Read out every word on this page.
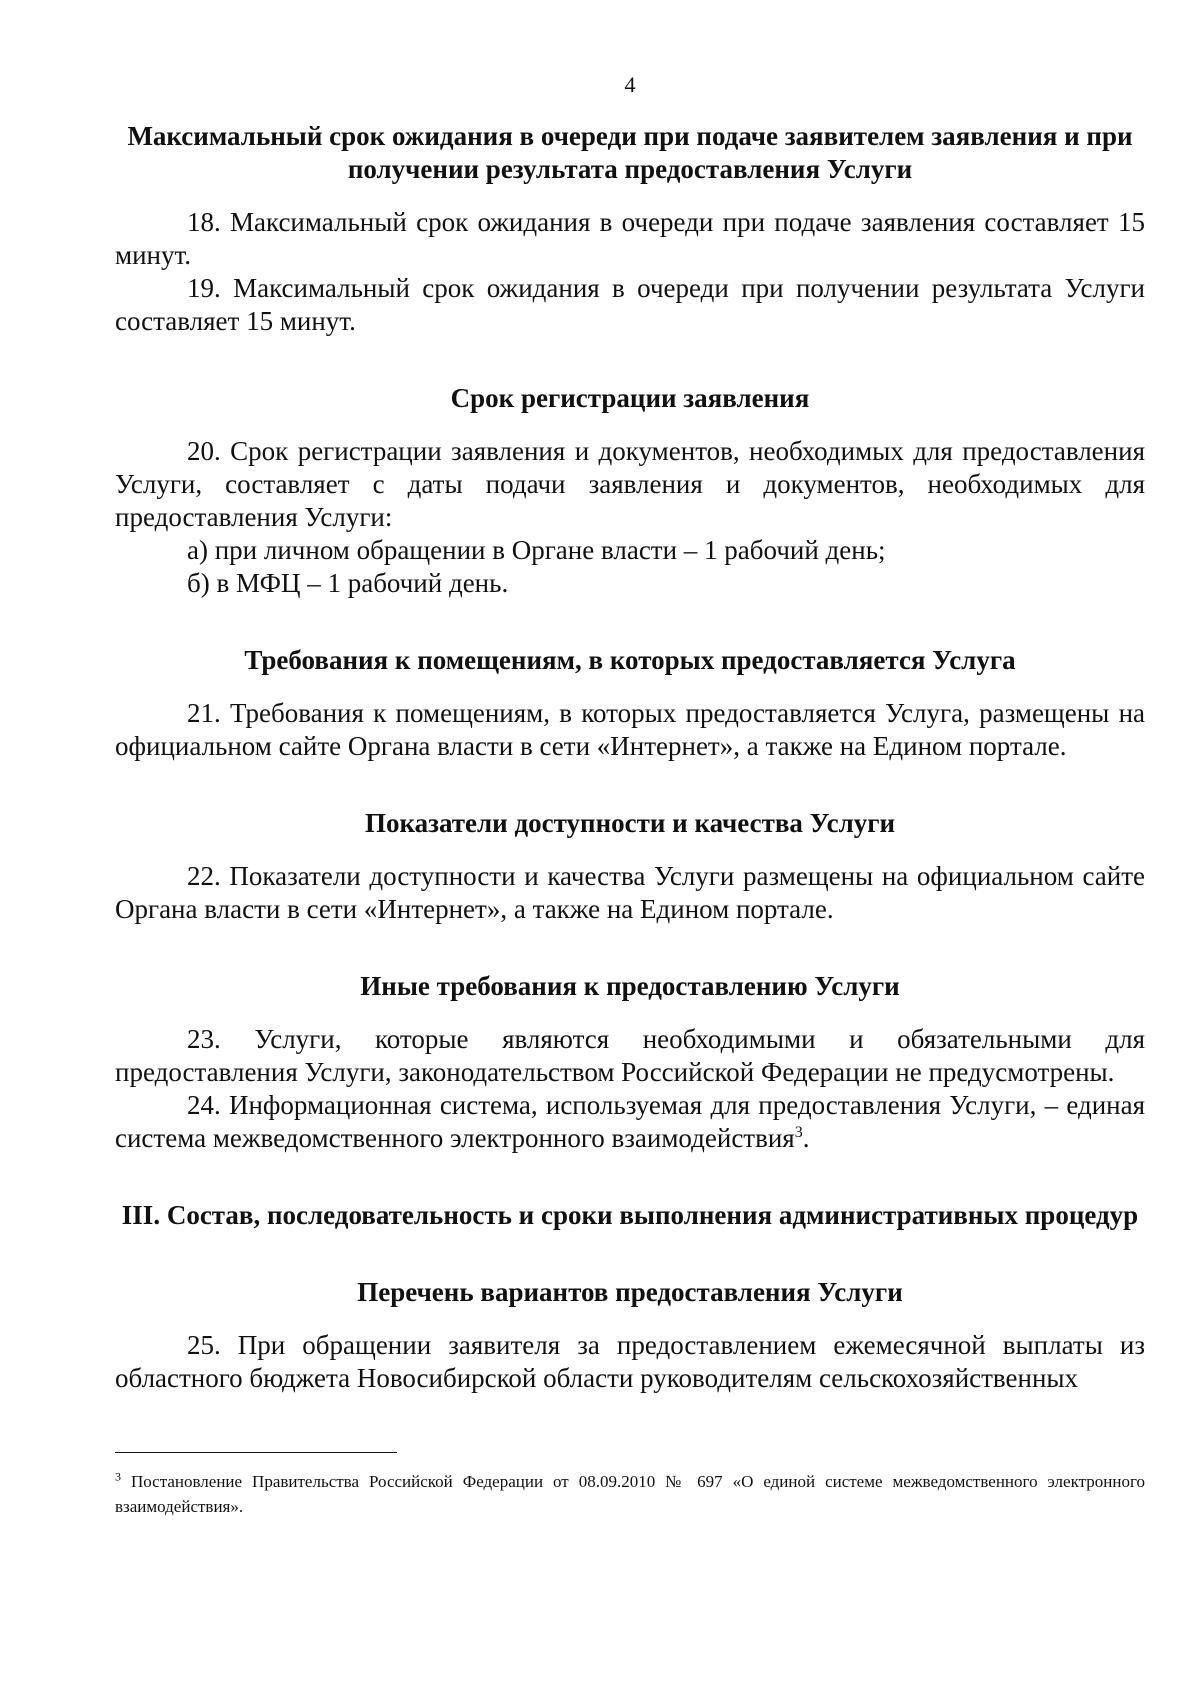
4
Максимальный срок ожидания в очереди при подаче заявителем заявления и при получении результата предоставления Услуги

18. Максимальный срок ожидания в очереди при подаче заявления составляет 15 минут.

19. Максимальный срок ожидания в очереди при получении результата Услуги составляет 15 минут.

Срок регистрации заявления

20. Срок регистрации заявления и документов, необходимых для предоставления Услуги, составляет с даты подачи заявления и документов, необходимых для предоставления Услуги:

а) при личном обращении в Органе власти – 1 рабочий день;

б) в МФЦ – 1 рабочий день.

Требования к помещениям, в которых предоставляется Услуга

21. Требования к помещениям, в которых предоставляется Услуга, размещены на официальном сайте Органа власти в сети «Интернет», а также на Едином портале.

Показатели доступности и качества Услуги

22. Показатели доступности и качества Услуги размещены на официальном сайте Органа власти в сети «Интернет», а также на Едином портале.

Иные требования к предоставлению Услуги

23. Услуги, которые являются необходимыми и обязательными для предоставления Услуги, законодательством Российской Федерации не предусмотрены.

24. Информационная система, используемая для предоставления Услуги, – единая система межведомственного электронного взаимодействия$^3$.

III. Состав, последовательность и сроки выполнения административных процедур
Перечень вариантов предоставления Услуги

25. При обращении заявителя за предоставлением ежемесячной выплаты из областного бюджета Новосибирской области руководителям сельскохозяйственных

$^3$ Постановление Правительства Российской Федерации от 08.09.2010 № 697 «О единой системе межведомственного электронного взаимодействия».
